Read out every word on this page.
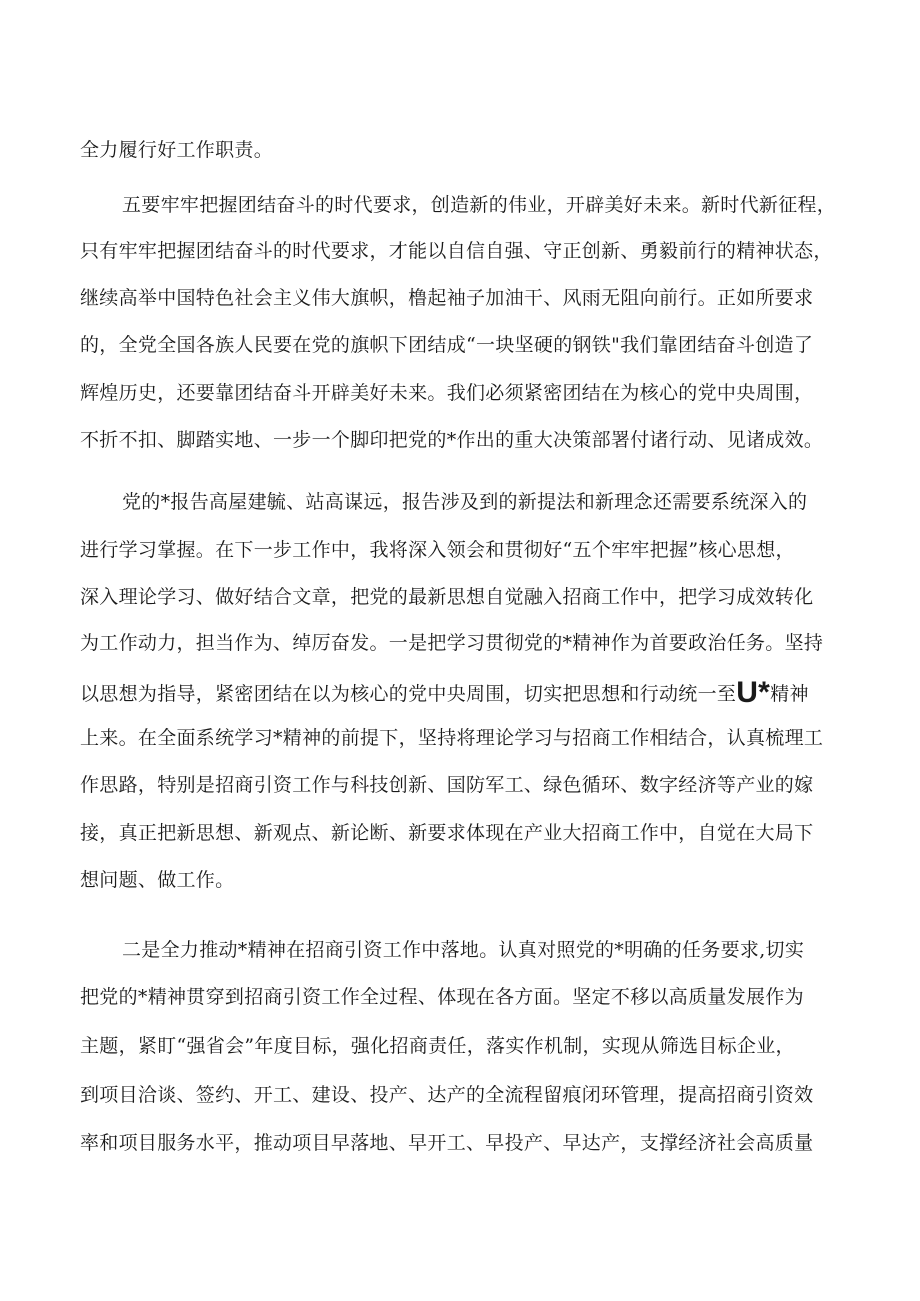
全力履行好工作职责。
五要牢牢把握团结奋斗的时代要求，创造新的伟业，开辟美好未来。新时代新征程，
只有牢牢把握团结奋斗的时代要求，才能以自信自强、守正创新、勇毅前行的精神状态，
继续高举中国特色社会主义伟大旗帜，橹起袖子加油干、风雨无阻向前行。正如所要求
的，全党全国各族人民要在党的旗帜下团结成“一块坚硬的钢铁"我们靠团结奋斗创造了
辉煌历史，还要靠团结奋斗开辟美好未来。我们必须紧密团结在为核心的党中央周围，
不折不扣、脚踏实地、一步一个脚印把党的*作出的重大决策部署付诸行动、见诸成效。
党的*报告高屋建毓、站高谋远，报告涉及到的新提法和新理念还需要系统深入的
进行学习掌握。在下一步工作中，我将深入领会和贯彻好“五个牢牢把握”核心思想，
深入理论学习、做好结合文章，把党的最新思想自觉融入招商工作中，把学习成效转化
为工作动力，担当作为、绰厉奋发。一是把学习贯彻党的*精神作为首要政治任务。坚持
以思想为指导，紧密团结在以为核心的党中央周围，切实把思想和行动统一至U*精神
上来。在全面系统学习*精神的前提下，坚持将理论学习与招商工作相结合，认真梳理工
作思路，特别是招商引资工作与科技创新、国防军工、绿色循环、数字经济等产业的嫁
接，真正把新思想、新观点、新论断、新要求体现在产业大招商工作中，自觉在大局下
想问题、做工作。
二是全力推动*精神在招商引资工作中落地。认真对照党的*明确的任务要求,切实
把党的*精神贯穿到招商引资工作全过程、体现在各方面。坚定不移以高质量发展作为
主题，紧盯“强省会”年度目标，强化招商责任，落实作机制，实现从筛选目标企业，
到项目洽谈、签约、开工、建设、投产、达产的全流程留痕闭环管理，提高招商引资效
率和项目服务水平，推动项目早落地、早开工、早投产、早达产，支撑经济社会高质量
